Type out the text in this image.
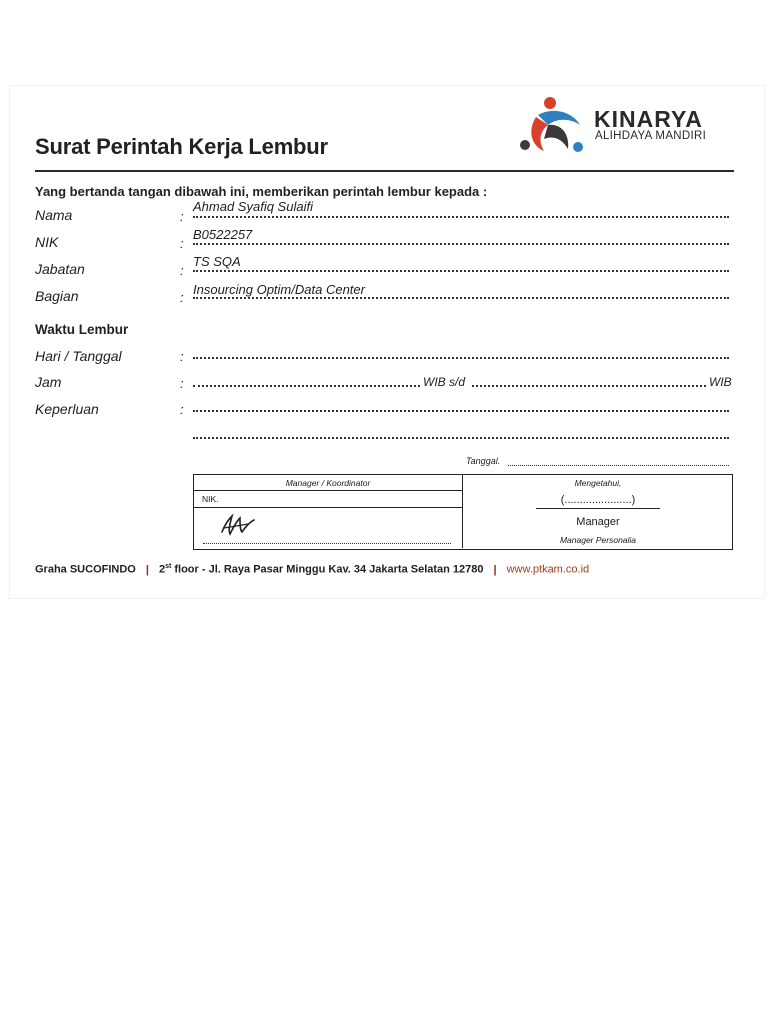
KINARYA
ALIHDAYA MANDIRI
Surat Perintah Kerja Lembur
Yang bertanda tangan dibawah ini, memberikan perintah lembur kepada :
Nama	:
Ahmad Syafiq Sulaifi
NIK	:
B0522257
Jabatan	:
TS SQA
Bagian	:
Insourcing Optim/Data Center
Waktu Lembur
Hari / Tanggal	:
Jam	:	WIB s/d	WIB
Keperluan	:
Tanggal.
Manager / Koordinator
NIK.
Mengetahui,
(......................)
Manager
Manager Personalia
Graha SUCOFINDO | 2st floor - Jl. Raya Pasar Minggu Kav. 34 Jakarta Selatan 12780 | www.ptkam.co.id
